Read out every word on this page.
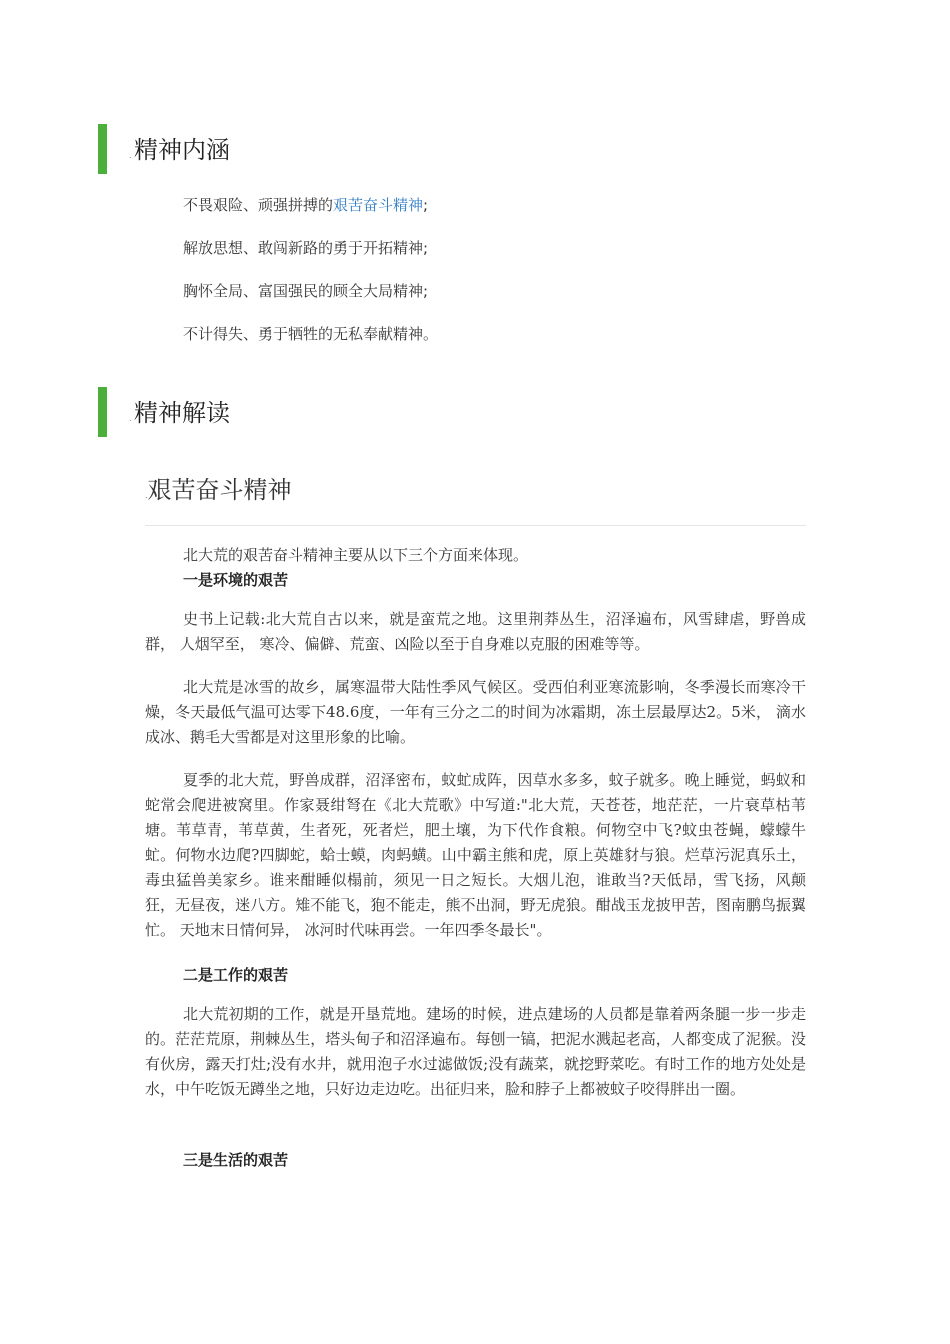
. 精神内涵
不畏艰险、顽强拼搏的艰苦奋斗精神;
解放思想、敢闯新路的勇于开拓精神;
胸怀全局、富国强民的顾全大局精神;
不计得失、勇于牺牲的无私奉献精神。
. 精神解读
.艰苦奋斗精神
北大荒的艰苦奋斗精神主要从以下三个方面来体现。
一是环境的艰苦

史书上记载:北大荒自古以来，就是蛮荒之地。这里荆莽丛生，沼泽遍布，风雪肆虐，野兽成群， 人烟罕至， 寒冷、偏僻、荒蛮、凶险以至于自身难以克服的困难等等。

北大荒是冰雪的故乡，属寒温带大陆性季风气候区。受西伯利亚寒流影响，冬季漫长而寒冷干燥，冬天最低气温可达零下48.6度，一年有三分之二的时间为冰霜期，冻土层最厚达2。5米， 滴水成冰、鹅毛大雪都是对这里形象的比喻。

夏季的北大荒，野兽成群，沼泽密布，蚊虻成阵，因草水多多，蚊子就多。晚上睡觉，蚂蚁和蛇常会爬进被窝里。作家聂绀弩在《北大荒歌》中写道:"北大荒，天苍苍，地茫茫，一片衰草枯苇塘。苇草青，苇草黄，生者死，死者烂，肥土壤，为下代作食粮。何物空中飞?蚊虫苍蝇，蠓蠓牛虻。何物水边爬?四脚蛇，蛤士蟆，肉蚂蟥。山中霸主熊和虎，原上英雄豺与狼。烂草污泥真乐土，毒虫猛兽美家乡。谁来酣睡似榻前，须见一日之短长。大烟儿泡，谁敢当?天低昂，雪飞扬，风颠狂，无昼夜，迷八方。雉不能飞，狍不能走，熊不出洞，野无虎狼。酣战玉龙披甲苦，图南鹏鸟振翼忙。 天地末日情何异， 冰河时代味再尝。一年四季冬最长"。

二是工作的艰苦

北大荒初期的工作，就是开垦荒地。建场的时候，进点建场的人员都是靠着两条腿一步一步走的。茫茫荒原，荆棘丛生，塔头甸子和沼泽遍布。每刨一镐，把泥水溅起老高，人都变成了泥猴。没有伙房，露天打灶;没有水井，就用泡子水过滤做饭;没有蔬菜，就挖野菜吃。有时工作的地方处处是水，中午吃饭无蹲坐之地，只好边走边吃。出征归来，脸和脖子上都被蚊子咬得胖出一圈。

三是生活的艰苦
